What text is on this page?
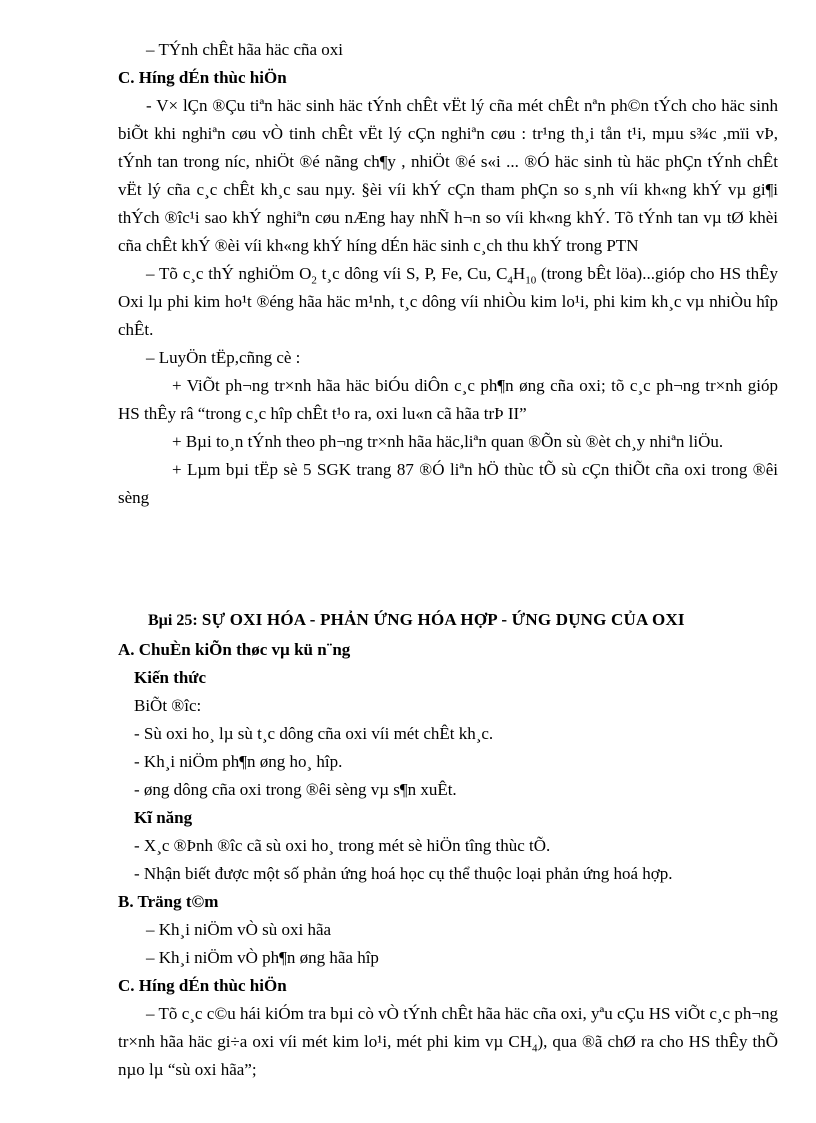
– TÝnh chÊt hãa häc cña oxi

C. Híng dÉn thùc hiÖn

- V× lÇn ®Çu tiªn häc sinh häc tÝnh chÊt vËt lý cña mét chÊt nªn ph©n tÝch cho häc sinh biÕt khi nghiªn cøu vÒ tinh chÊt vËt lý cÇn nghiªn cøu : tr¹ng th¸i tån t¹i, mµu s¾c ,mïi vÞ, tÝnh tan trong níc, nhiÖt ®é nãng ch¶y , nhiÖt ®é s«i ... ®Ó häc sinh tù häc phÇn tÝnh chÊt vËt lý cña c¸c chÊt kh¸c sau nµy. §èi víi khÝ cÇn tham phÇn so s¸nh víi kh«ng khÝ vµ gi¶i thÝch ®îc¹i sao khÝ nghiªn cøu nÆng hay nhÑ h¬n so víi kh«ng khÝ. Tõ tÝnh tan vµ tØ khèi cña chÊt khÝ ®èi víi kh«ng khÝ híng dÉn häc sinh c¸ch thu khÝ trong PTN

– Tõ c¸c thÝ nghiÖm $O_2$ t¸c dông víi S, P, Fe, Cu, $C_4H_{10}$ (trong bÊt löa)...gióp cho HS thÊy Oxi lµ phi kim ho¹t ®éng hãa häc m¹nh, t¸c dông víi nhiÒu kim lo¹i, phi kim kh¸c vµ nhiÒu hîp chÊt.

– LuyÖn tËp,cñng cè :

+ ViÕt ph¬ng tr×nh hãa häc biÓu diÔn c¸c ph¶n øng cña oxi; tõ c¸c ph¬ng tr×nh gióp HS thÊy râ “trong c¸c hîp chÊt t¹o ra, oxi lu«n cã hãa trÞ II”

+ Bµi to¸n tÝnh theo ph¬ng tr×nh hãa häc,liªn quan ®Õn sù ®èt ch¸y nhiªn liÖu.

+ Lµm bµi tËp sè 5 SGK trang 87 ®Ó liªn hÖ thùc tÕ sù cÇn thiÕt cña oxi trong ®êi sèng

Bµi 25: SỰ OXI HÓA - PHẢN ỨNG HÓA HỢP - ỨNG DỤNG CỦA OXI

A. ChuÈn kiÕn thøc vµ kü n¨ng

Kiến thức

BiÕt ®îc:

- Sù oxi ho¸ lµ sù t¸c dông cña oxi víi mét chÊt kh¸c.

- Kh¸i niÖm ph¶n øng ho¸ hîp.

- øng dông cña oxi trong ®êi sèng vµ s¶n xuÊt.

Kĩ năng

- X¸c ®Þnh ®îc cã sù oxi ho¸ trong mét sè hiÖn tîng thùc tÕ.

- Nhận biết được một số phản ứng hoá học cụ thể thuộc loại phản ứng hoá hợp.

B. Träng t©m

– Kh¸i niÖm vÒ sù oxi hãa

– Kh¸i niÖm vÒ ph¶n øng hãa hîp

C. Híng dÉn thùc hiÖn

– Tõ c¸c c©u hái kiÓm tra bµi cò vÒ tÝnh chÊt hãa häc cña oxi, yªu cÇu HS viÕt c¸c ph¬ng tr×nh hãa häc gi÷a oxi víi mét kim lo¹i, mét phi kim vµ $CH_4$), qua ®ã chØ ra cho HS thÊy thÕ nµo lµ “sù oxi hãa”;
